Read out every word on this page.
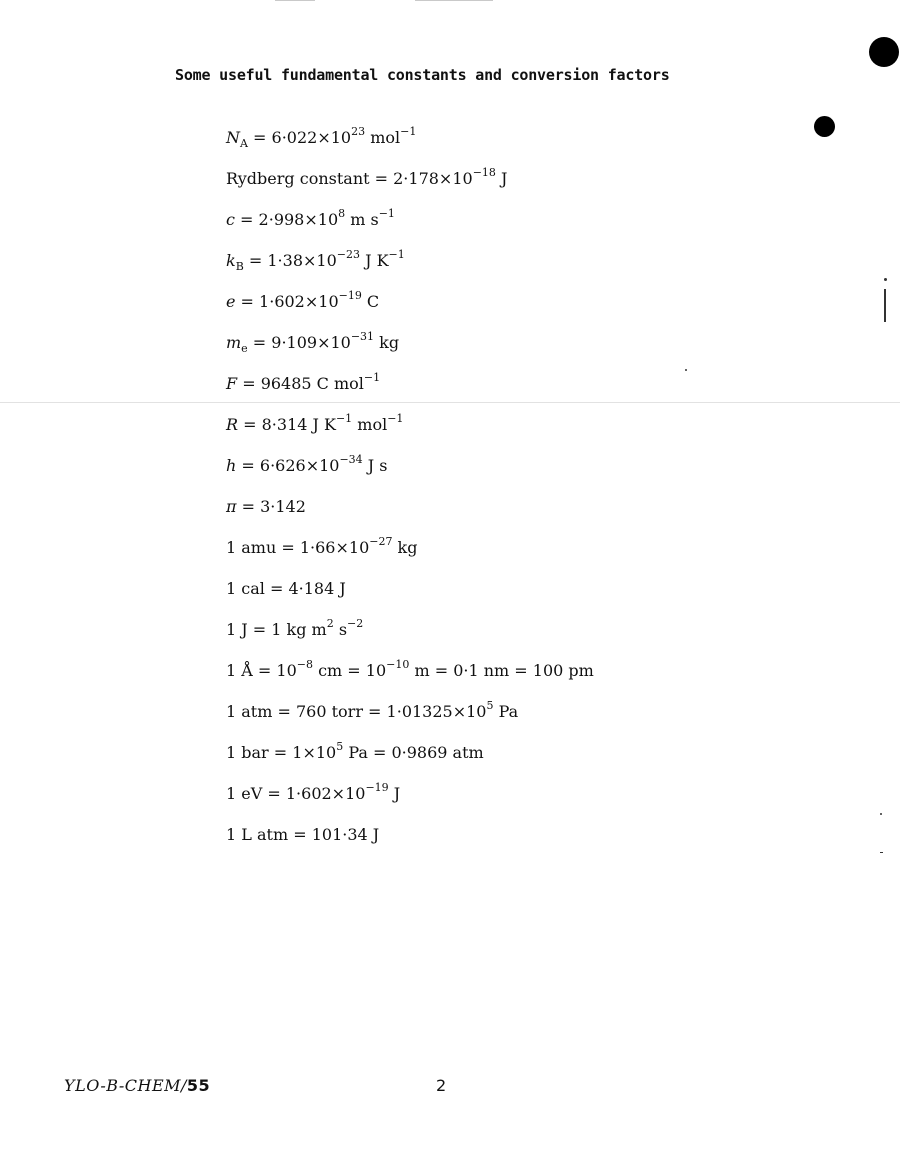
Some useful fundamental constants and conversion factors
$N_A = 6\cdot 022\times 10^{23}$ mol$^{-1}$
Rydberg constant = $2\cdot 178\times 10^{-18}$ J
$c = 2\cdot 998\times 10^8$ m $s^{-1}$
$k_B = 1\cdot 38\times 10^{-23}$ J $K^{-1}$
$e = 1\cdot 602\times 10^{-19}$ C
$m_e = 9\cdot 109\times 10^{-31}$ kg
F = 96485 C mol$^{-1}$
R = 8·314 J $K^{-1}$ mol$^{-1}$
$h = 6\cdot 626\times 10^{-34}$ J s
π = 3·142
1 amu = $1\cdot 66\times 10^{-27}$ kg
1 cal = 4·184 J
1 J = 1 kg $m^2$ $s^{-2}$
1 Å = $10^{-8}$ cm = $10^{-10}$ m = 0·1 nm = 100 pm
1 atm = 760 torr = $1\cdot 01325\times 10^5$ Pa
1 bar = $1\times 10^5$ Pa = 0·9869 atm
1 eV = $1\cdot 602\times 10^{-19}$ J
1 L atm = 101·34 J
YLO-B-CHEM/55	2
